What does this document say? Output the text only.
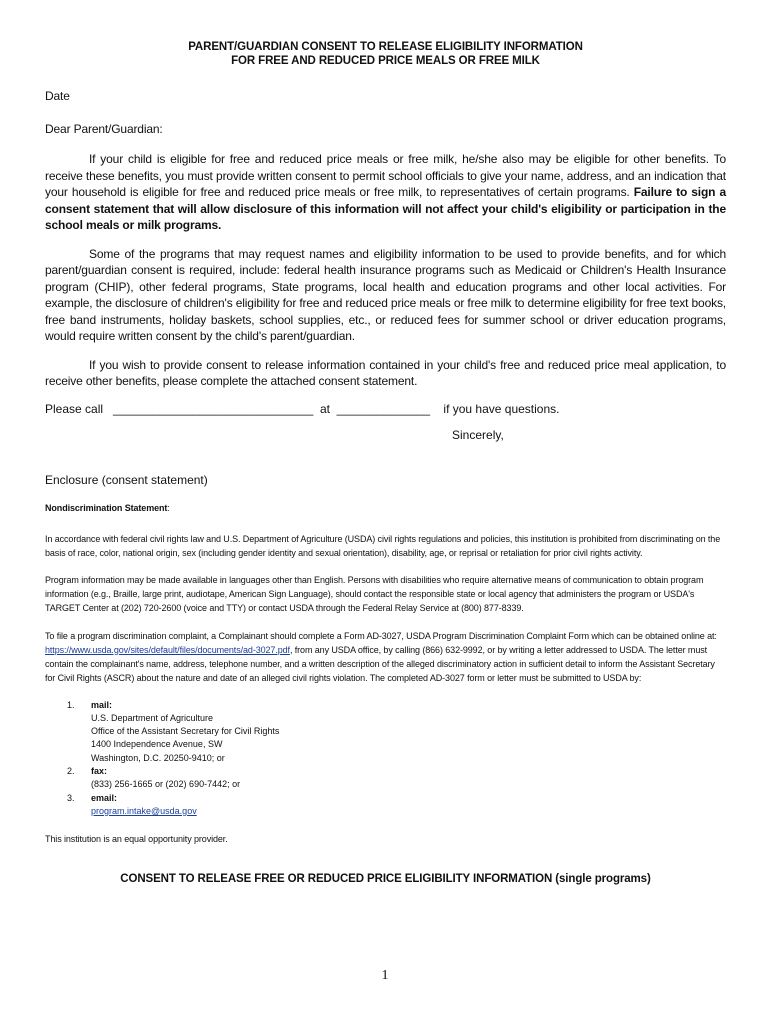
PARENT/GUARDIAN CONSENT TO RELEASE ELIGIBILITY INFORMATION
FOR FREE AND REDUCED PRICE MEALS OR FREE MILK
Date
Dear Parent/Guardian:
If your child is eligible for free and reduced price meals or free milk, he/she also may be eligible for other benefits. To receive these benefits, you must provide written consent to permit school officials to give your name, address, and an indication that your household is eligible for free and reduced price meals or free milk, to representatives of certain programs. Failure to sign a consent statement that will allow disclosure of this information will not affect your child's eligibility or participation in the school meals or milk programs.
Some of the programs that may request names and eligibility information to be used to provide benefits, and for which parent/guardian consent is required, include: federal health insurance programs such as Medicaid or Children's Health Insurance program (CHIP), other federal programs, State programs, local health and education programs and other local activities. For example, the disclosure of children's eligibility for free and reduced price meals or free milk to determine eligibility for free text books, free band instruments, holiday baskets, school supplies, etc., or reduced fees for summer school or driver education programs, would require written consent by the child's parent/guardian.
If you wish to provide consent to release information contained in your child's free and reduced price meal application, to receive other benefits, please complete the attached consent statement.
Please call ______________________________ at ______________ if you have questions.
Sincerely,
Enclosure (consent statement)
Nondiscrimination Statement:
In accordance with federal civil rights law and U.S. Department of Agriculture (USDA) civil rights regulations and policies, this institution is prohibited from discriminating on the basis of race, color, national origin, sex (including gender identity and sexual orientation), disability, age, or reprisal or retaliation for prior civil rights activity.
Program information may be made available in languages other than English. Persons with disabilities who require alternative means of communication to obtain program information (e.g., Braille, large print, audiotape, American Sign Language), should contact the responsible state or local agency that administers the program or USDA's TARGET Center at (202) 720-2600 (voice and TTY) or contact USDA through the Federal Relay Service at (800) 877-8339.
To file a program discrimination complaint, a Complainant should complete a Form AD-3027, USDA Program Discrimination Complaint Form which can be obtained online at: https://www.usda.gov/sites/default/files/documents/ad-3027.pdf, from any USDA office, by calling (866) 632-9992, or by writing a letter addressed to USDA. The letter must contain the complainant's name, address, telephone number, and a written description of the alleged discriminatory action in sufficient detail to inform the Assistant Secretary for Civil Rights (ASCR) about the nature and date of an alleged civil rights violation. The completed AD-3027 form or letter must be submitted to USDA by:
1.	mail:
U.S. Department of Agriculture
Office of the Assistant Secretary for Civil Rights
1400 Independence Avenue, SW
Washington, D.C. 20250-9410; or
2.	fax:
(833) 256-1665 or (202) 690-7442; or
3.	email:
program.intake@usda.gov
This institution is an equal opportunity provider.
CONSENT TO RELEASE FREE OR REDUCED PRICE ELIGIBILITY INFORMATION (single programs)
1
